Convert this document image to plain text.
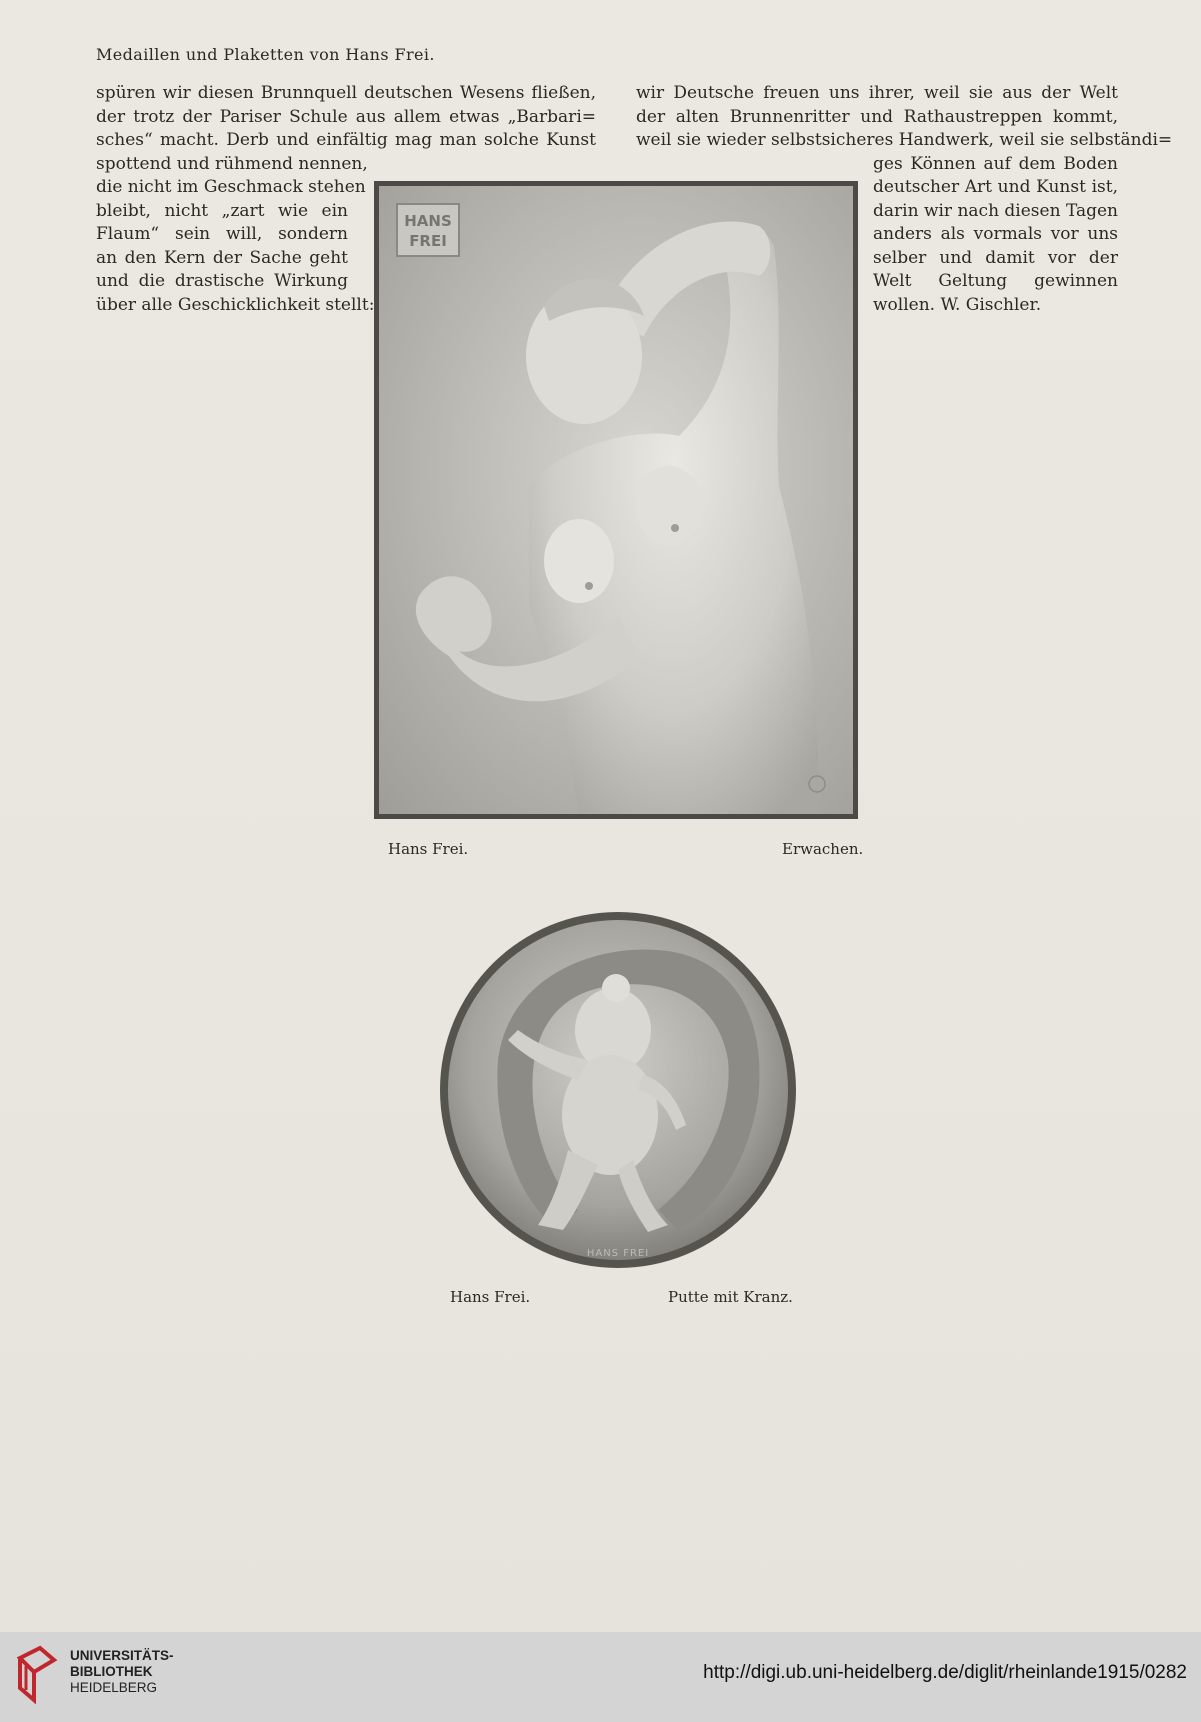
Medaillen und Plaketten von Hans Frei.
spüren wir diesen Brunnquell deutschen Wesens fließen,
der trotz der Pariser Schule aus allem etwas „Barbari=
sches“ macht. Derb und einfältig mag man solche Kunst
spottend und rühmend nennen,
die nicht im Geschmack stehen
bleibt, nicht „zart wie ein
Flaum“ sein will, sondern
an den Kern der Sache geht
und die drastische Wirkung
über alle Geschicklichkeit stellt:
wir Deutsche freuen uns ihrer, weil sie aus der Welt
der alten Brunnenritter und Rathaustreppen kommt,
weil sie wieder selbstsicheres Handwerk, weil sie selbständi=
ges Können auf dem Boden
deutscher Art und Kunst ist,
darin wir nach diesen Tagen
anders als vormals vor uns
selber und damit vor der
Welt Geltung gewinnen
wollen. W. Gischler.
HANS
FREI
Hans Frei.	Erwachen.
HANS FREI
Hans Frei.	Putte mit Kranz.
UNIVERSITÄTS-
BIBLIOTHEK
HEIDELBERG
http://digi.ub.uni-heidelberg.de/diglit/rheinlande1915/0282
